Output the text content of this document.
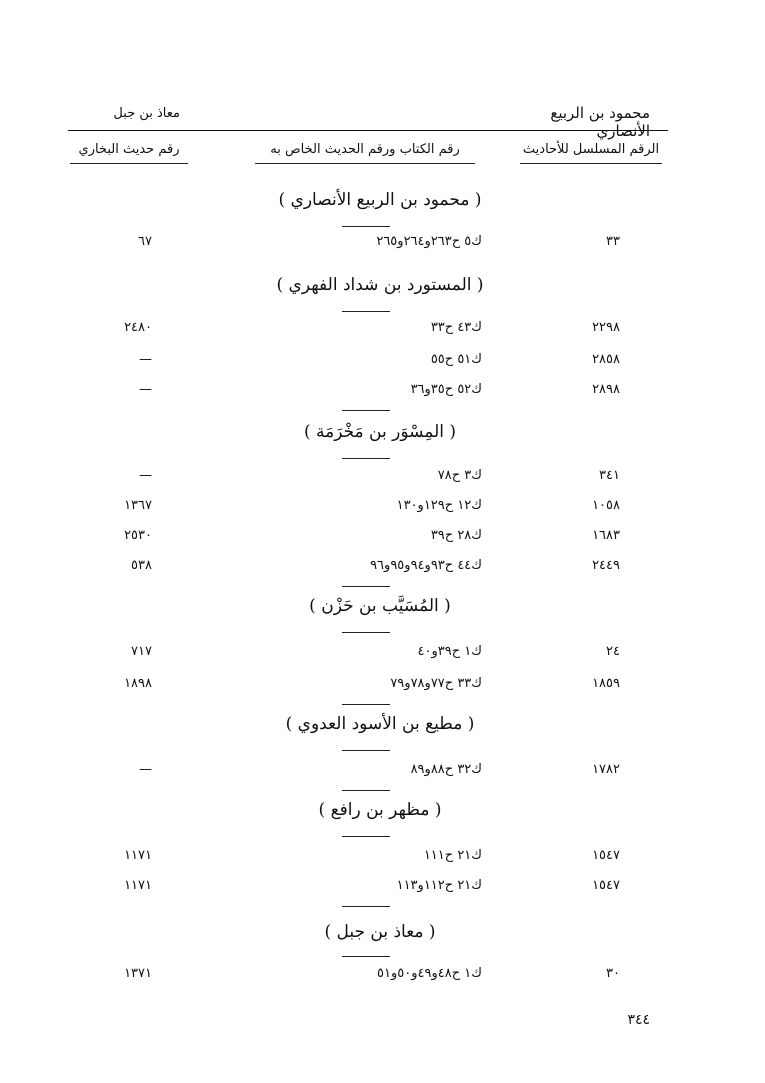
محمود بن الربيع الأنصاري
معاذ بن جبل
الرقم المسلسل للأحاديث
رقم الكتاب ورقم الحديث الخاص به
رقم حديث البخاري
( محمود بن الربيع الأنصاري )
٣٣
ك٥ ح٢٦٣و٢٦٤و٢٦٥
٦٧
( المستورد بن شداد الفهري )
٢٢٩٨
ك٤٣ ح٣٣
٢٤٨٠
٢٨٥٨
ك٥١ ح٥٥
—
٢٨٩٨
ك٥٢ ح٣٥و٣٦
—
( المِسْوَر بن مَخْرَمَة )
٣٤١
ك٣ ح٧٨
—
١٠٥٨
ك١٢ ح١٢٩و١٣٠
١٣٦٧
١٦٨٣
ك٢٨ ح٣٩
٢٥٣٠
٢٤٤٩
ك٤٤ ح٩٣و٩٤و٩٥و٩٦
٥٣٨
( المُسَيَّب بن حَزْن )
٢٤
ك١ ح٣٩و٤٠
٧١٧
١٨٥٩
ك٣٣ ح٧٧و٧٨و٧٩
١٨٩٨
( مطيع بن الأسود العدوي )
١٧٨٢
ك٣٢ ح٨٨و٨٩
—
( مظهر بن رافع )
١٥٤٧
ك٢١ ح١١١
١١٧١
١٥٤٧
ك٢١ ح١١٢و١١٣
١١٧١
( معاذ بن جبل )
٣٠
ك١ ح٤٨و٤٩و٥٠و٥١
١٣٧١
٣٤٤
